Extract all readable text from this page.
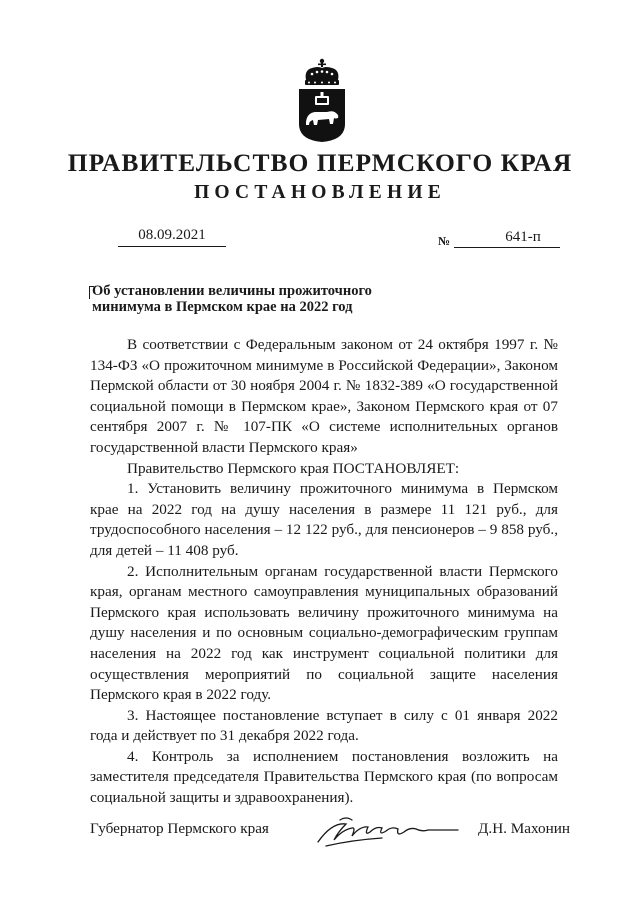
ПРАВИТЕЛЬСТВО ПЕРМСКОГО КРАЯ
ПОСТАНОВЛЕНИЕ
08.09.2021	№	641-п
Об установлении величины прожиточного
минимума в Пермском крае на 2022 год

В соответствии с Федеральным законом от 24 октября 1997 г. № 134-ФЗ «О прожиточном минимуме в Российской Федерации», Законом Пермской области от 30 ноября 2004 г. № 1832-389 «О государственной социальной помощи в Пермском крае», Законом Пермского края от 07 сентября 2007 г. № 107-ПК «О системе исполнительных органов государственной власти Пермского края»

Правительство Пермского края ПОСТАНОВЛЯЕТ:

1. Установить величину прожиточного минимума в Пермском крае на 2022 год на душу населения в размере 11 121 руб., для трудоспособного населения – 12 122 руб., для пенсионеров – 9 858 руб., для детей – 11 408 руб.

2. Исполнительным органам государственной власти Пермского края, органам местного самоуправления муниципальных образований Пермского края использовать величину прожиточного минимума на душу населения и по основным социально-демографическим группам населения на 2022 год как инструмент социальной политики для осуществления мероприятий по социальной защите населения Пермского края в 2022 году.

3. Настоящее постановление вступает в силу с 01 января 2022 года и действует по 31 декабря 2022 года.

4. Контроль за исполнением постановления возложить на заместителя председателя Правительства Пермского края (по вопросам социальной защиты и здравоохранения).

Губернатор Пермского края	Д.Н. Махонин
